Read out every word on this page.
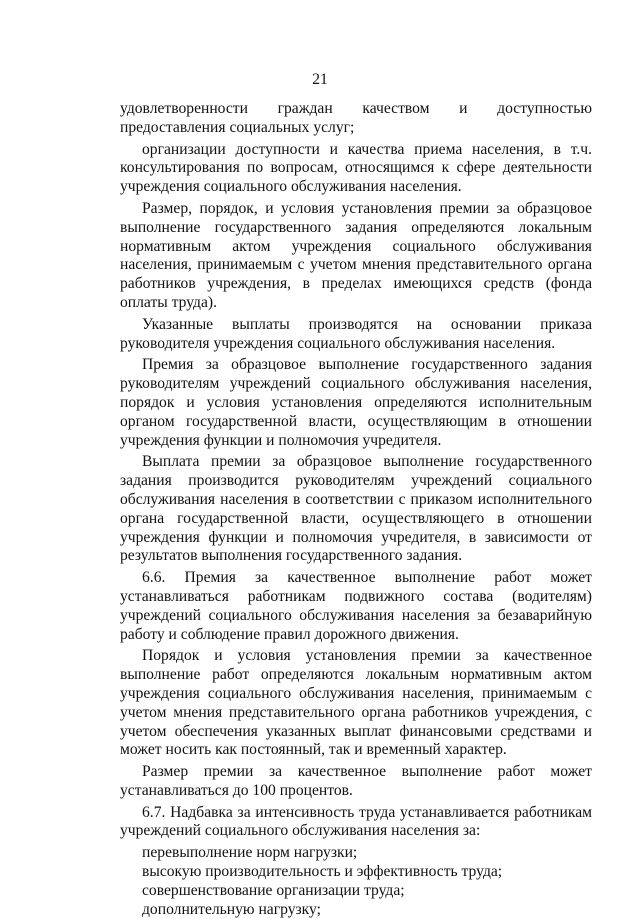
21

удовлетворенности граждан качеством и доступностью предоставления социальных услуг;

организации доступности и качества приема населения, в т.ч. консультирования по вопросам, относящимся к сфере деятельности учреждения социального обслуживания населения.

Размер, порядок, и условия установления премии за образцовое выполнение государственного задания определяются локальным нормативным актом учреждения социального обслуживания населения, принимаемым с учетом мнения представительного органа работников учреждения, в пределах имеющихся средств (фонда оплаты труда).

Указанные выплаты производятся на основании приказа руководителя учреждения социального обслуживания населения.

Премия за образцовое выполнение государственного задания руководителям учреждений социального обслуживания населения, порядок и условия установления определяются исполнительным органом государственной власти, осуществляющим в отношении учреждения функции и полномочия учредителя.

Выплата премии за образцовое выполнение государственного задания производится руководителям учреждений социального обслуживания населения в соответствии с приказом исполнительного органа государственной власти, осуществляющего в отношении учреждения функции и полномочия учредителя, в зависимости от результатов выполнения государственного задания.

6.6. Премия за качественное выполнение работ может устанавливаться работникам подвижного состава (водителям) учреждений социального обслуживания населения за безаварийную работу и соблюдение правил дорожного движения.

Порядок и условия установления премии за качественное выполнение работ определяются локальным нормативным актом учреждения социального обслуживания населения, принимаемым с учетом мнения представительного органа работников учреждения, с учетом обеспечения указанных выплат финансовыми средствами и может носить как постоянный, так и временный характер.

Размер премии за качественное выполнение работ может устанавливаться до 100 процентов.

6.7. Надбавка за интенсивность труда устанавливается работникам учреждений социального обслуживания населения за:

перевыполнение норм нагрузки;

высокую производительность и эффективность труда;

совершенствование организации труда;

дополнительную нагрузку;
